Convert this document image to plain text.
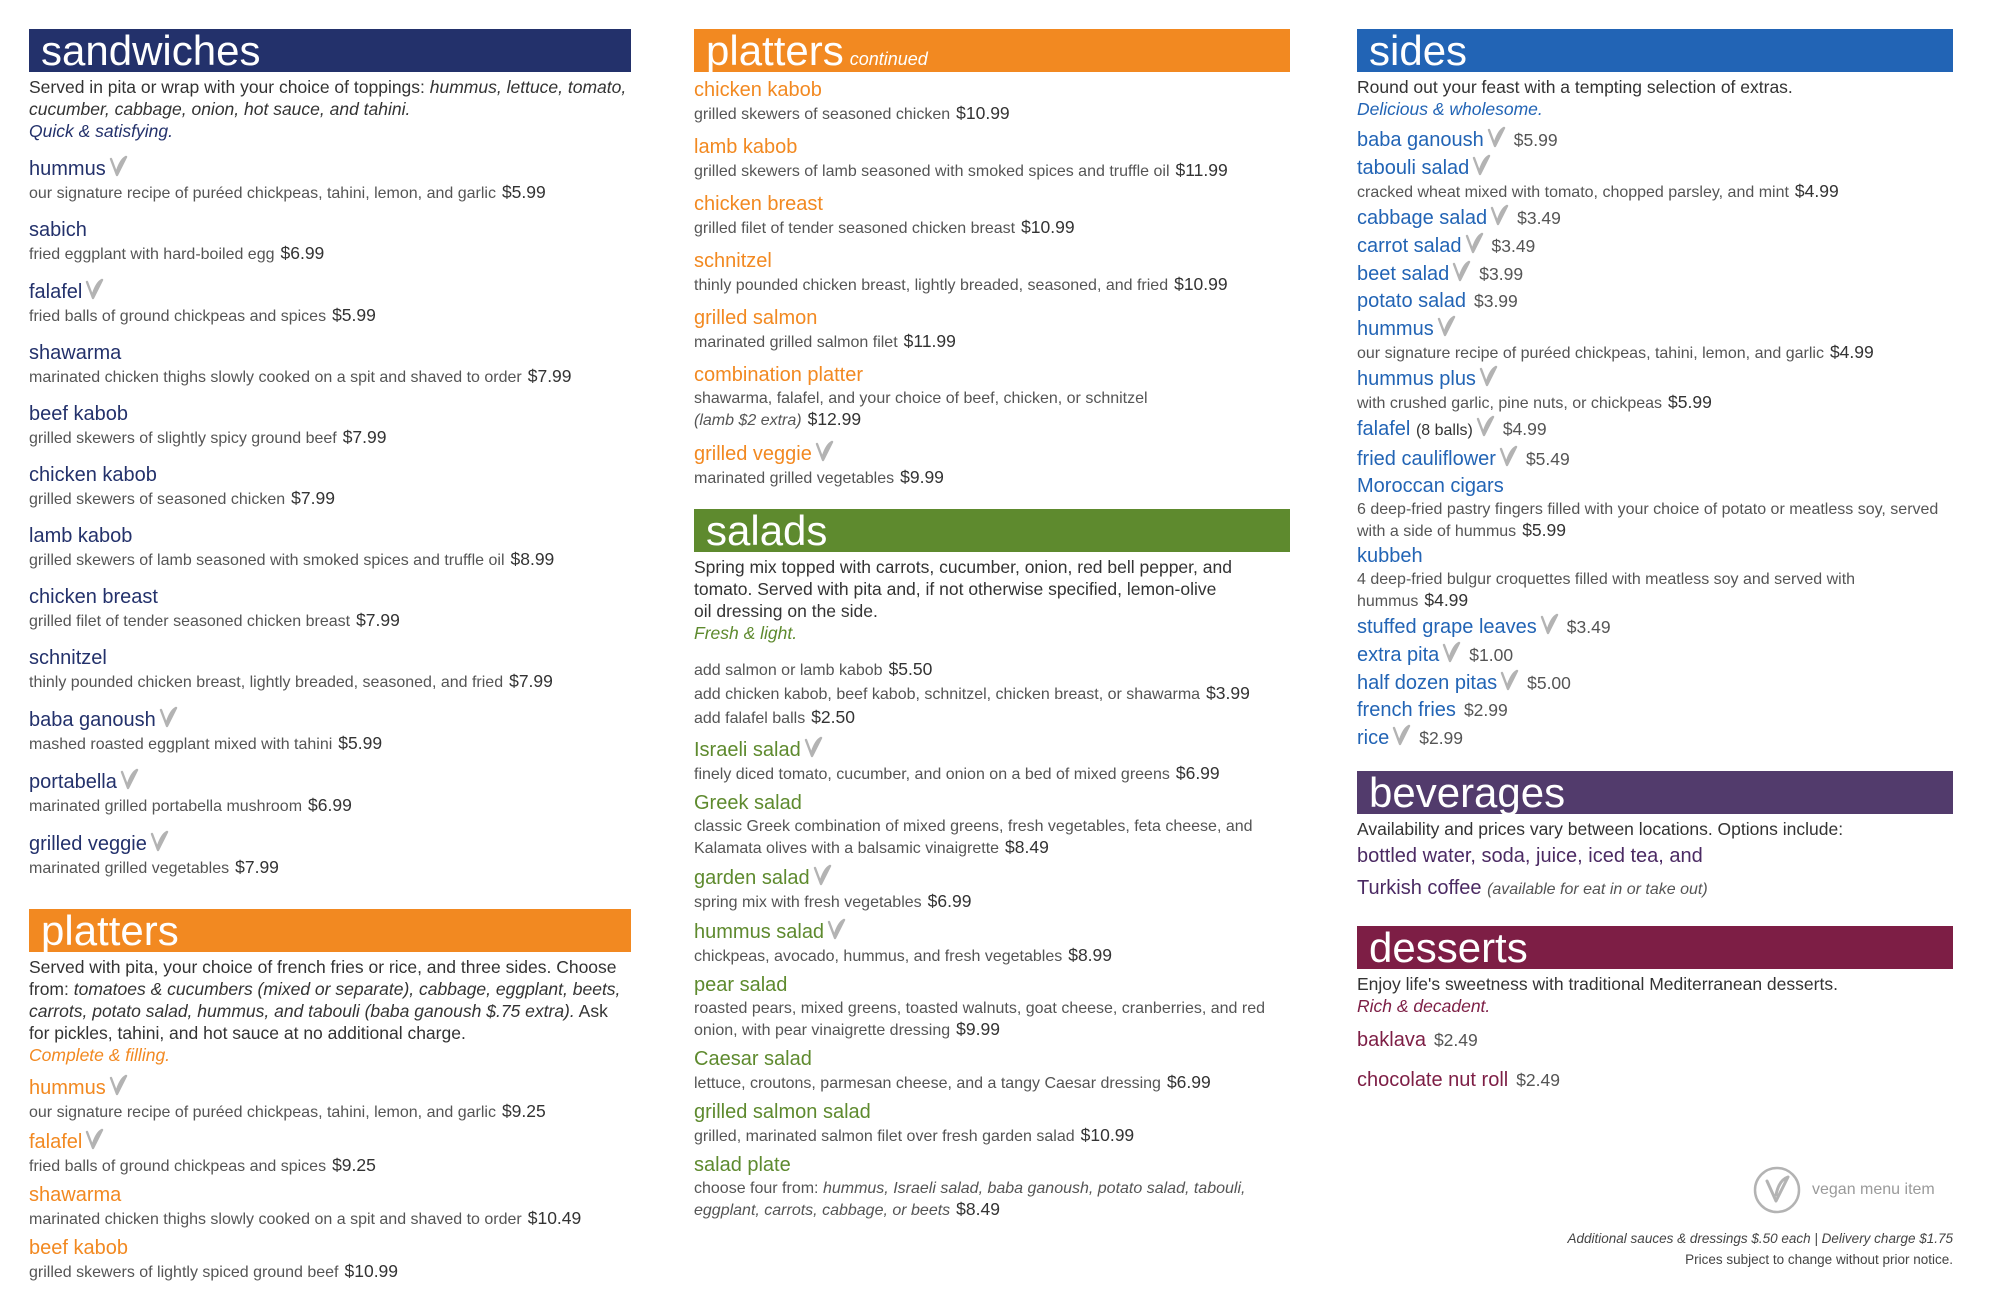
sandwiches
Served in pita or wrap with your choice of toppings: hummus, lettuce, tomato, cucumber, cabbage, onion, hot sauce, and tahini.
Quick & satisfying.
hummus
our signature recipe of puréed chickpeas, tahini, lemon, and garlic $5.99
sabich
fried eggplant with hard-boiled egg $6.99
falafel
fried balls of ground chickpeas and spices $5.99
shawarma
marinated chicken thighs slowly cooked on a spit and shaved to order $7.99
beef kabob
grilled skewers of slightly spicy ground beef $7.99
chicken kabob
grilled skewers of seasoned chicken $7.99
lamb kabob
grilled skewers of lamb seasoned with smoked spices and truffle oil $8.99
chicken breast
grilled filet of tender seasoned chicken breast $7.99
schnitzel
thinly pounded chicken breast, lightly breaded, seasoned, and fried $7.99
baba ganoush
mashed roasted eggplant mixed with tahini $5.99
portabella
marinated grilled portabella mushroom $6.99
grilled veggie
marinated grilled vegetables $7.99
platters
Served with pita, your choice of french fries or rice, and three sides. Choose from: tomatoes & cucumbers (mixed or separate), cabbage, eggplant, beets, carrots, potato salad, hummus, and tabouli (baba ganoush $.75 extra). Ask for pickles, tahini, and hot sauce at no additional charge.
Complete & filling.
hummus
our signature recipe of puréed chickpeas, tahini, lemon, and garlic $9.25
falafel
fried balls of ground chickpeas and spices $9.25
shawarma
marinated chicken thighs slowly cooked on a spit and shaved to order $10.49
beef kabob
grilled skewers of lightly spiced ground beef $10.99
platters continued
chicken kabob
grilled skewers of seasoned chicken $10.99
lamb kabob
grilled skewers of lamb seasoned with smoked spices and truffle oil $11.99
chicken breast
grilled filet of tender seasoned chicken breast $10.99
schnitzel
thinly pounded chicken breast, lightly breaded, seasoned, and fried $10.99
grilled salmon
marinated grilled salmon filet $11.99
combination platter
shawarma, falafel, and your choice of beef, chicken, or schnitzel
(lamb $2 extra) $12.99
grilled veggie
marinated grilled vegetables $9.99
salads
Spring mix topped with carrots, cucumber, onion, red bell pepper, and tomato. Served with pita and, if not otherwise specified, lemon-olive oil dressing on the side.
Fresh & light.
add salmon or lamb kabob $5.50
add chicken kabob, beef kabob, schnitzel, chicken breast, or shawarma $3.99
add falafel balls $2.50
Israeli salad
finely diced tomato, cucumber, and onion on a bed of mixed greens $6.99
Greek salad
classic Greek combination of mixed greens, fresh vegetables, feta cheese, and Kalamata olives with a balsamic vinaigrette $8.49
garden salad
spring mix with fresh vegetables $6.99
hummus salad
chickpeas, avocado, hummus, and fresh vegetables $8.99
pear salad
roasted pears, mixed greens, toasted walnuts, goat cheese, cranberries, and red onion, with pear vinaigrette dressing $9.99
Caesar salad
lettuce, croutons, parmesan cheese, and a tangy Caesar dressing $6.99
grilled salmon salad
grilled, marinated salmon filet over fresh garden salad $10.99
salad plate
choose four from: hummus, Israeli salad, baba ganoush, potato salad, tabouli, eggplant, carrots, cabbage, or beets $8.49
sides
Round out your feast with a tempting selection of extras.
Delicious & wholesome.
baba ganoush $5.99
tabouli salad
cracked wheat mixed with tomato, chopped parsley, and mint $4.99
cabbage salad $3.49
carrot salad $3.49
beet salad $3.99
potato salad $3.99
hummus
our signature recipe of puréed chickpeas, tahini, lemon, and garlic $4.99
hummus plus
with crushed garlic, pine nuts, or chickpeas $5.99
falafel (8 balls) $4.99
fried cauliflower $5.49
Moroccan cigars
6 deep-fried pastry fingers filled with your choice of potato or meatless soy, served with a side of hummus $5.99
kubbeh
4 deep-fried bulgur croquettes filled with meatless soy and served with hummus $4.99
stuffed grape leaves $3.49
extra pita $1.00
half dozen pitas $5.00
french fries $2.99
rice $2.99
beverages
Availability and prices vary between locations. Options include:
bottled water, soda, juice, iced tea, and
Turkish coffee (available for eat in or take out)
desserts
Enjoy life's sweetness with traditional Mediterranean desserts.
Rich & decadent.
baklava $2.49
chocolate nut roll $2.49
vegan menu item
Additional sauces & dressings $.50 each | Delivery charge $1.75
Prices subject to change without prior notice.
